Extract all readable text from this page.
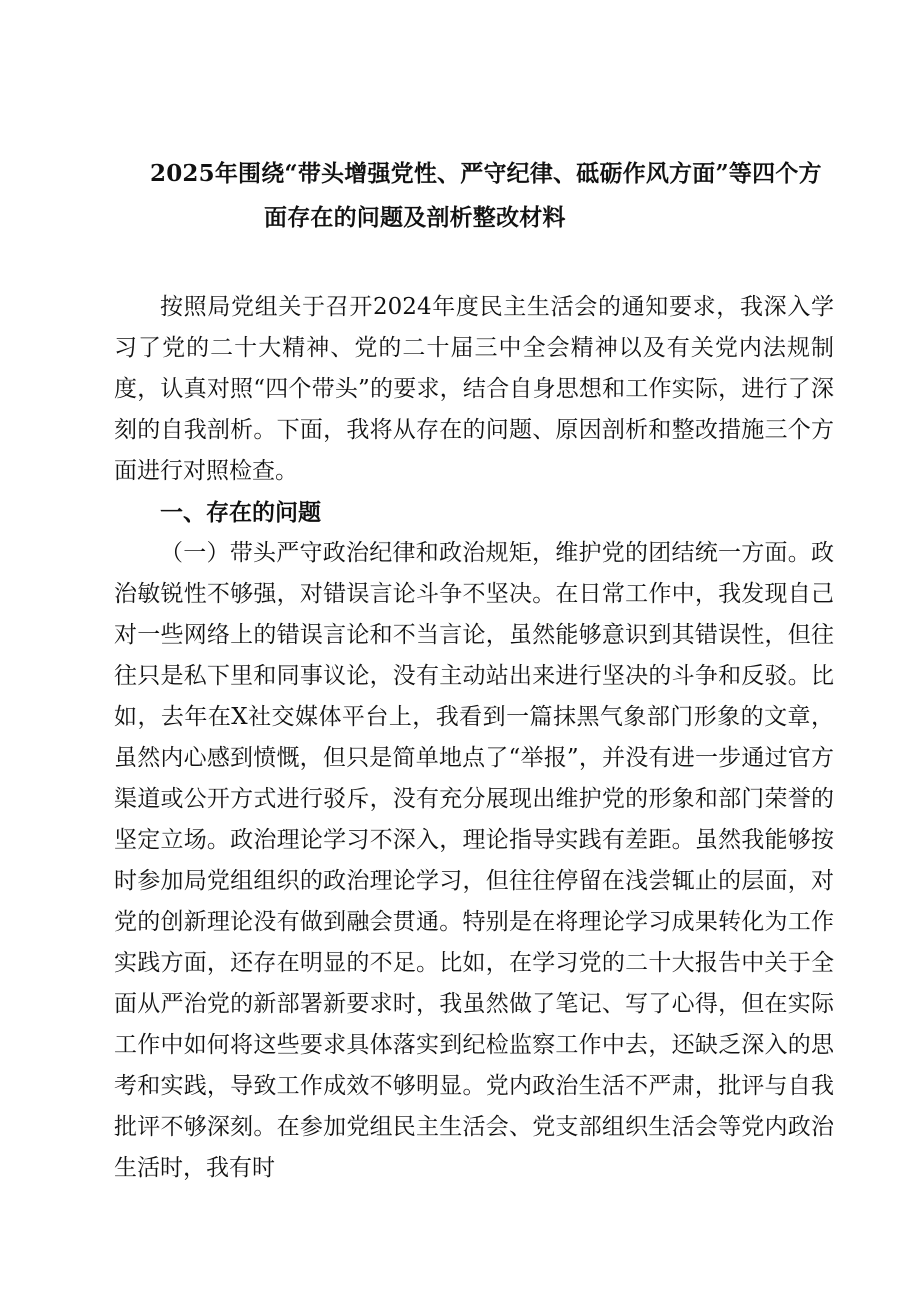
2025年围绕“带头增强党性、严守纪律、砥砺作风方面”等四个方
面存在的问题及剖析整改材料

按照局党组关于召开2024年度民主生活会的通知要求，我深入学习了党的二十大精神、党的二十届三中全会精神以及有关党内法规制度，认真对照“四个带头”的要求，结合自身思想和工作实际，进行了深刻的自我剖析。下面，我将从存在的问题、原因剖析和整改措施三个方面进行对照检查。

一、存在的问题

（一）带头严守政治纪律和政治规矩，维护党的团结统一方面。政治敏锐性不够强，对错误言论斗争不坚决。在日常工作中，我发现自己对一些网络上的错误言论和不当言论，虽然能够意识到其错误性，但往往只是私下里和同事议论，没有主动站出来进行坚决的斗争和反驳。比如，去年在X社交媒体平台上，我看到一篇抹黑气象部门形象的文章，虽然内心感到愤慨，但只是简单地点了“举报”，并没有进一步通过官方渠道或公开方式进行驳斥，没有充分展现出维护党的形象和部门荣誉的坚定立场。政治理论学习不深入，理论指导实践有差距。虽然我能够按时参加局党组组织的政治理论学习，但往往停留在浅尝辄止的层面，对党的创新理论没有做到融会贯通。特别是在将理论学习成果转化为工作实践方面，还存在明显的不足。比如，在学习党的二十大报告中关于全面从严治党的新部署新要求时，我虽然做了笔记、写了心得，但在实际工作中如何将这些要求具体落实到纪检监察工作中去，还缺乏深入的思考和实践，导致工作成效不够明显。党内政治生活不严肃，批评与自我批评不够深刻。在参加党组民主生活会、党支部组织生活会等党内政治生活时，我有时
